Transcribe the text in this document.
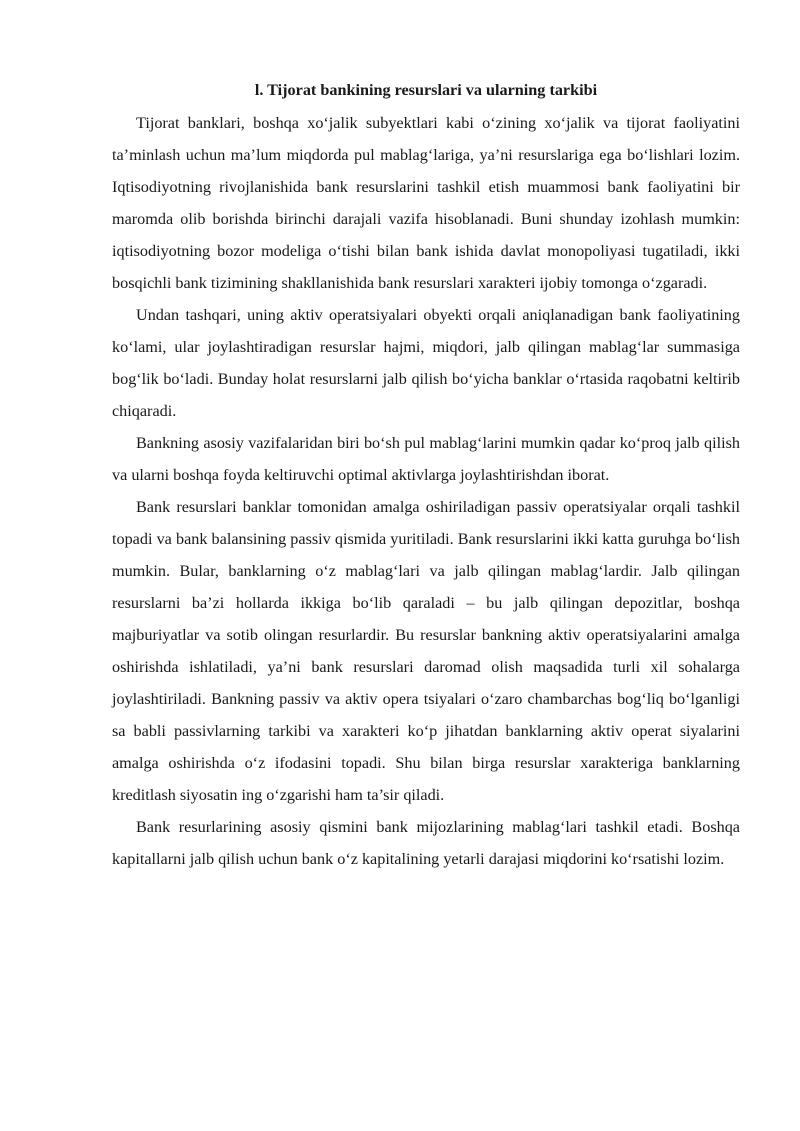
l. Tijorat bankining resurslari va ularning tarkibi

Tijorat banklari, boshqa xo‘jalik subyektlari kabi o‘zining xo‘jalik va tijorat faoliyatini ta’minlash uchun ma’lum miqdorda pul mablag‘lariga, ya’ni resurslariga ega bo‘lishlari lozim. Iqtisodiyotning rivojlanishida bank resurslarini tashkil etish muammosi bank faoliyatini bir maromda olib borishda birinchi darajali vazifa hisoblanadi. Buni shunday izohlash mumkin: iqtisodiyotning bozor modeliga o‘tishi bilan bank ishida davlat monopoliyasi tugatiladi, ikki bosqichli bank tizimining shakllanishida bank resurslari xarakteri ijobiy tomonga o‘zgaradi.

Undan tashqari, uning aktiv operatsiyalari obyekti orqali aniqlanadigan bank faoliyatining ko‘lami, ular joylashtiradigan resurslar hajmi, miqdori, jalb qilingan mablag‘lar summasiga bog‘lik bo‘ladi. Bunday holat resurslarni jalb qilish bo‘yicha banklar o‘rtasida raqobatni keltirib chiqaradi.

Bankning asosiy vazifalaridan biri bo‘sh pul mablag‘larini mumkin qadar ko‘proq jalb qilish va ularni boshqa foyda keltiruvchi optimal aktivlarga joylashtirishdan iborat.

Bank resurslari banklar tomonidan amalga oshiriladigan passiv operatsiyalar orqali tashkil topadi va bank balansining passiv qismida yuritiladi. Bank resurslarini ikki katta guruhga bo‘lish mumkin. Bular, banklarning o‘z mablag‘lari va jalb qilingan mablag‘lardir. Jalb qilingan resurslarni ba’zi hollarda ikkiga bo‘lib qaraladi – bu jalb qilingan depozitlar, boshqa majburiyatlar va sotib olingan resurlardir. Bu resurslar bankning aktiv operatsiyalarini amalga oshirishda ishlatiladi, ya’ni bank resurslari daromad olish maqsadida turli xil sohalarga joylashtiriladi. Bankning passiv va aktiv opera tsiyalari o‘zaro chambarchas bog‘liq bo‘lganligi sa babli passivlarning tarkibi va xarakteri ko‘p jihatdan banklarning aktiv operat siyalarini amalga oshirishda o‘z ifodasini topadi. Shu bilan birga resurslar xarakteriga banklarning kreditlash siyosatin ing o‘zgarishi ham ta’sir qiladi.

Bank resurlarining asosiy qismini bank mijozlarining mablag‘lari tashkil etadi. Boshqa kapitallarni jalb qilish uchun bank o‘z kapitalining yetarli darajasi miqdorini ko‘rsatishi lozim.
